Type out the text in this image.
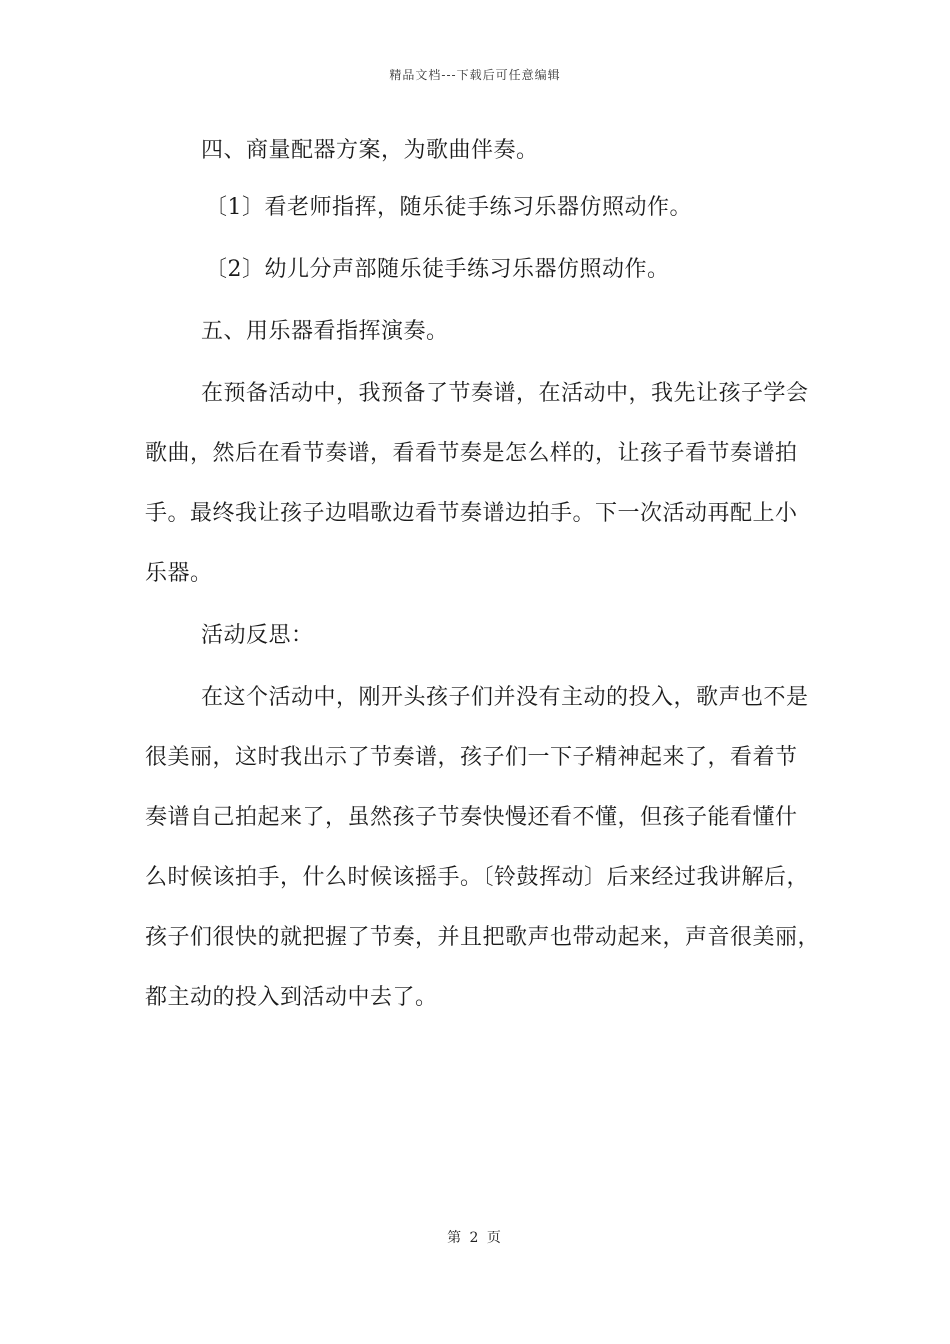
精品文档---下载后可任意编辑

四、商量配器方案，为歌曲伴奏。

〔1〕看老师指挥，随乐徒手练习乐器仿照动作。

〔2〕幼儿分声部随乐徒手练习乐器仿照动作。

五、用乐器看指挥演奏。

在预备活动中，我预备了节奏谱，在活动中，我先让孩子学会

歌曲，然后在看节奏谱，看看节奏是怎么样的，让孩子看节奏谱拍

手。最终我让孩子边唱歌边看节奏谱边拍手。下一次活动再配上小

乐器。

活动反思：

在这个活动中，刚开头孩子们并没有主动的投入，歌声也不是

很美丽，这时我出示了节奏谱，孩子们一下子精神起来了，看着节

奏谱自己拍起来了，虽然孩子节奏快慢还看不懂，但孩子能看懂什

么时候该拍手，什么时候该摇手。〔铃鼓挥动〕后来经过我讲解后，

孩子们很快的就把握了节奏，并且把歌声也带动起来，声音很美丽，

都主动的投入到活动中去了。

第 2 页
